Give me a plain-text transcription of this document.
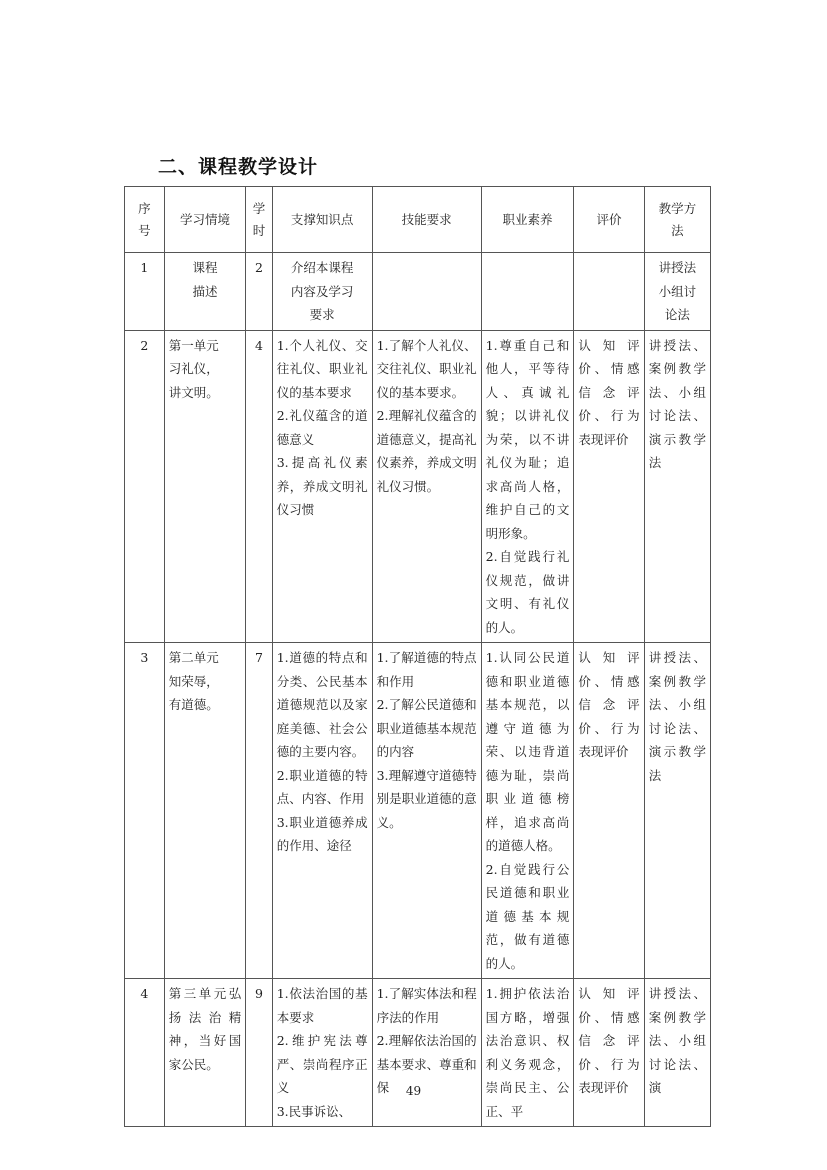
二、课程教学设计
序
号	学习情境	学
时	支撑知识点	技能要求	职业素养	评价	教学方
法
1	课程
描述	2	介绍本课程
内容及学习
要求				讲授法
小组讨
论法
2	第一单元
习礼仪，
讲文明。	4	1.个人礼仪、交往礼仪、职业礼仪的基本要求
2.礼仪蕴含的道德意义
3.提高礼仪素养，养成文明礼仪习惯	1.了解个人礼仪、交往礼仪、职业礼仪的基本要求。
2.理解礼仪蕴含的道德意义，提高礼仪素养，养成文明礼仪习惯。	1.尊重自己和他人，平等待人、真诚礼貌；以讲礼仪为荣，以不讲礼仪为耻；追求高尚人格，维护自己的文明形象。
2.自觉践行礼仪规范，做讲文明、有礼仪的人。	认知评价、情感信念评价、行为表现评价	讲授法、案例教学法、小组讨论法、演示教学法
3	第二单元
知荣辱，
有道德。	7	1.道德的特点和分类、公民基本道德规范以及家庭美德、社会公德的主要内容。
2.职业道德的特点、内容、作用
3.职业道德养成的作用、途径	1.了解道德的特点和作用
2.了解公民道德和职业道德基本规范的内容
3.理解遵守道德特别是职业道德的意义。	1.认同公民道德和职业道德基本规范，以遵守道德为荣、以违背道德为耻，崇尚职业道德榜样，追求高尚的道德人格。
2.自觉践行公民道德和职业道德基本规范，做有道德的人。	认知评价、情感信念评价、行为表现评价	讲授法、案例教学法、小组讨论法、演示教学法
4	第三单元弘扬法治精神，当好国家公民。	9	1.依法治国的基本要求
2.维护宪法尊严、崇尚程序正义
3.民事诉讼、	1.了解实体法和程序法的作用
2.理解依法治国的基本要求、尊重和保	1.拥护依法治国方略，增强法治意识、权利义务观念，崇尚民主、公正、平	认知评价、情感信念评价、行为表现评价	讲授法、案例教学法、小组讨论法、演
49
